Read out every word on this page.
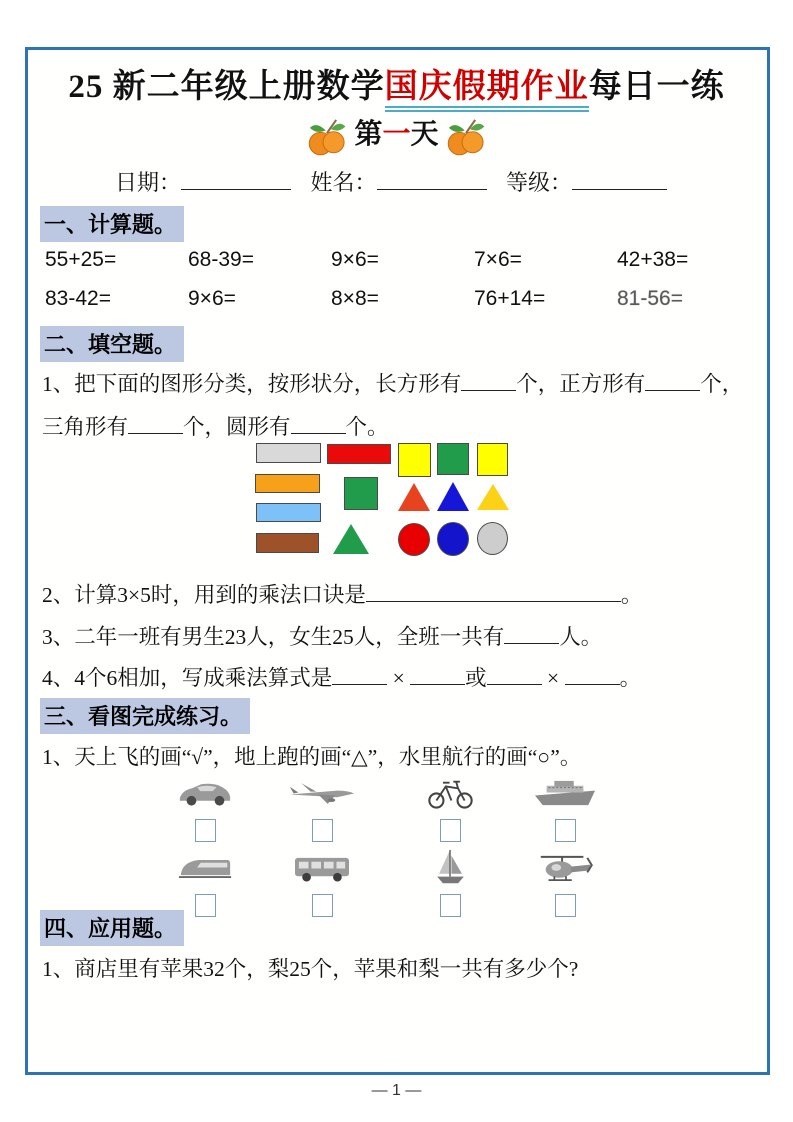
25 新二年级上册数学国庆假期作业每日一练
第一天
日期：	姓名：	等级：
一、计算题。
55+25=	68-39=	9×6=	7×6=	42+38=
83-42=	9×6=	8×8=	76+14=	81-56=
二、填空题。
1、把下面的图形分类，按形状分，长方形有	个，正方形有	个，
三角形有	个，圆形有	个。
2、计算3×5时，用到的乘法口诀是	。
3、二年一班有男生23人，女生25人，全班一共有	人。
4、4个6相加，写成乘法算式是	×	或	×	。
三、看图完成练习。
1、天上飞的画“√”，地上跑的画“△”，水里航行的画“○”。
四、应用题。
1、商店里有苹果32个，梨25个，苹果和梨一共有多少个?
— 1 —
